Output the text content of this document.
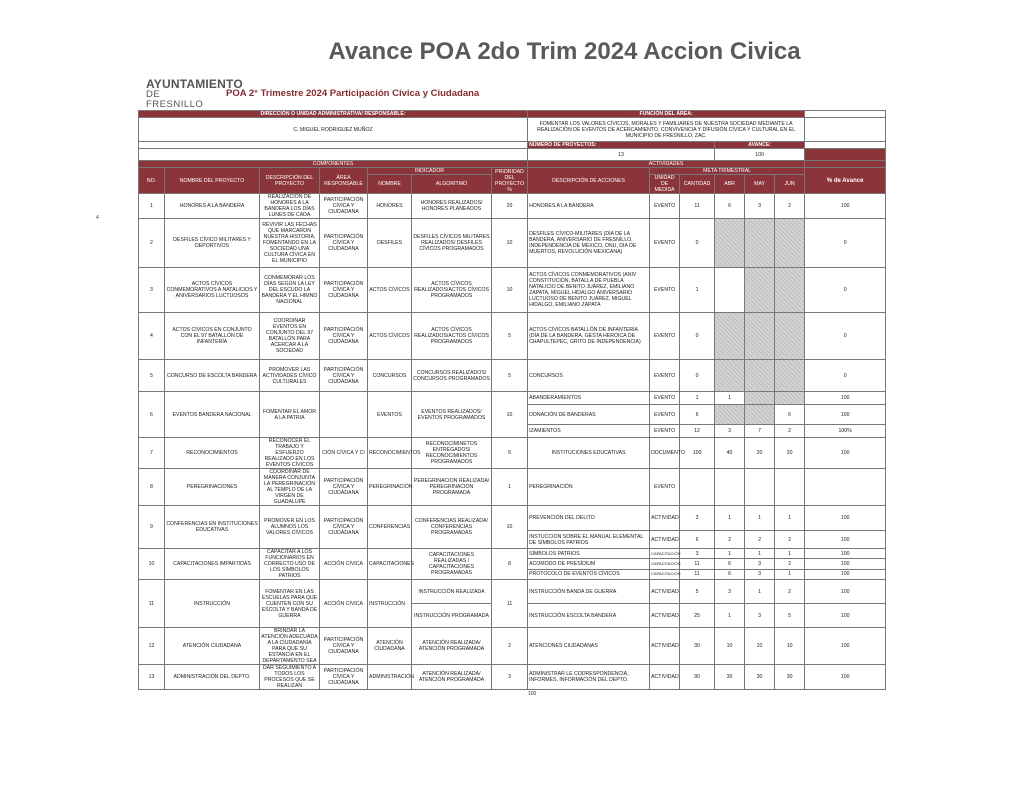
Avance POA 2do Trim 2024 Accion Civica
AYUNTAMIENTO
DE FRESNILLO
POA 2° Trimestre 2024 Participación Cívica y Ciudadana
4
100
DIRECCIÓN O UNIDAD ADMINISTRATIVA/ RESPONSABLE:							FUNCIÓN DEL ÁREA:						
C. MIGUEL RODRIGUEZ MUÑOZ							FOMENTAR LOS VALORES CÍVICOS, MORALES Y FAMILIARES DE NUESTRA SOCIEDAD MEDIANTE LA REALIZACIÓN DE EVENTOS DE ACERCAMIENTO, CONVIVENCIA Y DIFUSIÓN CÍVICA Y CULTURAL EN EL MUNICIPIO DE FRESNILLO, ZAC.						
							NÚMERO DE PROYECTOS:			AVANCE:			
							13			100			
COMPONENTES							ACTIVIDADES						
NO.	NOMBRE DEL PROYECTO	DESCRIPCIÓN DEL PROYECTO	ÁREA RESPONSABLE	INDICADOR		PRIORIDAD DEL PROYECTO %	DESCRIPCIÓN DE ACCIONES	META TRIMESTRAL					% de Avance
				NOMBRE	ALGORITMO			UNIDAD DE MEDIDA	CANTIDAD	ABR	MAY	JUN	

1	HONORES A LA BANDERA	REALIZACIÓN DE HONORES A LA BANDERA LOS DÍAS LUNES DE CADA	PARTICIPACIÓN CÍVICA Y CIUDADANA	HONORES	HONORES REALIZADOS/ HONORES PLANEADOS	20	HONORES A LA BANDERA	EVENTO	11	6	3	2	100
2	DESFILES CÍVICO MILITARES Y DEPORTIVOS	REVIVIR LAS FECHAS QUE MARCARON NUESTRA HISTORIA, FOMENTANDO EN LA SOCIEDAD UNA CULTURA CÍVICA EN EL MUNICIPIO	PARTICIPACIÓN CÍVICA Y CIUDADANA	DESFILES	DESFILES CÍVICOS MILITARES REALIZADOS/ DESFILES CÍVICOS PROGRAMADOS	10	DESFILES CÍVICO-MILITARES (DÍA DE LA BANDERA, ANIVERSARIO DE FRESNILLO, INDEPENDENCIA DE MÉXICO, ONU, DÍA DE MUERTOS, REVOLUCIÓN MEXICANA)	EVENTO	0				0
3	ACTOS CÍVICOS CONMEMORATIVOS A NATALICIOS Y ANIVERSARIOS LUCTUOSOS	CONMEMORAR LOS DÍAS SEGÚN LA LEY DEL ESCUDO LA BANDERA Y EL HIMNO NACIONAL	PARTICIPACIÓN CÍVICA Y CIUDADANA	ACTOS CÍVICOS	ACTOS CÍVICOS REALIZADOS/ACTOS CÍVICOS PROGRAMADOS	10	ACTOS CÍVICOS CONMEMORATIVOS (ANIV CONSTITUCIÓN, BATALLA DE PUEBLA NATALICIO DE BENITO JUÁREZ, EMILIANO ZAPATA, MIGUEL HIDALGO ANIVERSARIO LUCTUOSO DE BENITO JUÁREZ, MIGUEL HIDALGO, EMILIANO ZAPATA	EVENTO	1				0
4	ACTOS CÍVICOS EN CONJUNTO CON EL 97 BATALLÓN DE INFANTERÍA	COORDINAR EVENTOS EN CONJUNTO DEL 97 BATALLÓN PARA ACERCAR A LA SOCIEDAD	PARTICIPACIÓN CÍVICA Y CIUDADANA	ACTOS CÍVICOS	ACTOS CÍVICOS REALIZADOS/ACTOS CÍVICOS PROGRAMADOS	5	ACTOS CÍVICOS BATALLÓN DE INFANTERÍA (DÍA DE LA BANDERA, GESTA HEROICA DE CHAPULTEPEC, GRITO DE INDEPENDENCIA)	EVENTO	0				0
5	CONCURSO DE ESCOLTA BANDERA	PROMOVER LAS ACTIVIDADES CÍVICO CULTURALES	PARTICIPACIÓN CÍVICA Y CIUDADANA	CONCURSOS	CONCURSOS REALIZADOS/ CONCURSOS PROGRAMADOS	5	CONCURSOS	EVENTO	0				0
6	EVENTOS BANDERA NACIONAL	FOMENTAR EL AMOR A LA PATRIA		EVENTOS	EVENTOS REALIZADOS/ EVENTOS PROGRAMADOS	10	ABANDERAMIENTOS	EVENTO	1	1			100
							DONACIÓN DE BANDERAS	EVENTO	6			6	100
							IZAMIENTOS	EVENTO	12	3	7	2	100%
7	RECONOCIMIENTOS	RECONOCER EL TRABAJO Y ESFUERZO REALIZADO EN LOS EVENTOS CÍVICOS	CIÓN CÍVICA Y CI	RECONOCIMIENTOS	RECONOCIMINETOS ENTREGADOS/ RECONOCIMIENTOS PROGRAMADOS	5	INSTITUCIONES EDUCATIVAS	DOCUMENTO	100	40	20	20	100
8	PEREGRINACIONES	COORDINAR DE MANERA CONJUNTA LA PEREGRINACIÓN AL TEMPLO DE LA VIRGEN DE GUADALUPE	PARTICIPACIÓN CÍVICA Y CIUDADANA	PEREGRINACIÓN	PEREGRINACION REALIZADA/ PEREGRINACION PROGRAMADA	1	PEREGRINACIÓN	EVENTO					
9	CONFERENCIAS EN INSTITUCIONES EDUCATIVAS	PROMOVER EN LOS ALUMNOS LOS VALORES CÍVICOS	PARTICIPACIÓN CÍVICA Y CIUDADANA	CONFERENCIAS	CONFERENCIAS REALIZADA/ CONFERENCIAS PROGRAMADAS	10	PREVENCIÓN DEL DELITO	ACTIVIDAD	3	1	1	1	100
							INSTUCCION SOBRE EL MANUAL ELEMENTAL DE SÍMBOLOS PATRIOS	ACTIVIDAD	6	2	2	2	100
10	CAPACITACIONES IMPARTIDAS	CAPACITAR A LOS FUNCIONARIOS EN CORRECTO USO DE LOS SÍMBOLOS PATRIOS	ACCIÓN CÍVICA	CAPACITACIONES	CAPACITACIONES REALIZADAS / CAPACITACIONES PROGRAMADAS	8	SÍMBOLOS PATRIOS	CAPACITACIÓN	3	1	1	1	100
							ACOMODO DE PRESÍDIUM	CAPACITACIÓN	11	6	3	2	100
							PROTOCOLO DE EVENTOS CÍVICOS	CAPACITACIÓN	11	6	3	1	100
11	INSTRUCCIÓN	FOMENTAR EN LAS ESCUELAS PARA QUE CUENTEN CON SU ESCOLTA Y BANDA DE GUERRA	ACCIÓN CÍVICA	INSTRUCCIÓN	INSTRUCCIÓN REALIZADA	11	INSTRUCCIÓN BANDA DE GUERRA	ACTIVIDAD	5	3	1	2	100
					INSTRUCCIÓN PROGRAMADA		INSTRUCCIÓN ESCOLTA BANDERA	ACTIVIDAD	25	1	3	5	100
12	ATENCIÓN CIUDADANA	BRINDAR LA ATENCIÓN ADECUADA A LA CIUDADANÍA PARA QUE SU ESTANCIA EN EL DEPARTAMENTO SEA	PARTICIPACIÓN CÍVICA Y CIUDADANA	ATENCIÓN CIUDADANA	ATENCIÓN REALIZADA/ ATENCIÓN PROGRAMADA	2	ATENCIONES CIUDADANAS	ACTIVIDAD	30	10	10	10	100
13	ADMINISTRACIÓN DEL DEPTO.	DAR SEGUIMIENTO A TODOS LOS PROCESOS QUE SE REALIZAN	PARTICIPACIÓN CÍVICA Y CIUDADANA	ADMINISTRACIÓN	ATENCIÓN REALIZADA/ ATENCIÓN PROGRAMADA	3	ADMINISTRAR LE CODRESPONDENCIA, INFORMES, INFORMACIÓN DEL DEPTO.	ACTIVIDAD	90	30	30	30	100
